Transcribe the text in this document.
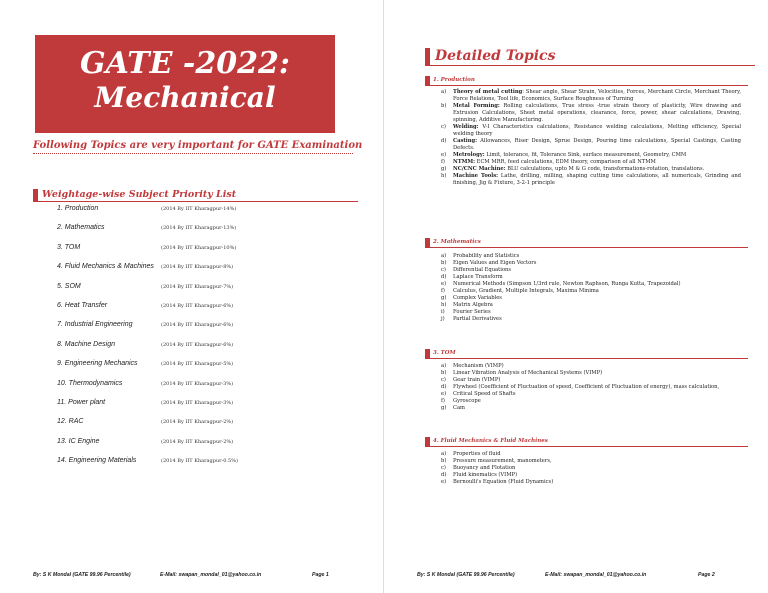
GATE -2022:
Mechanical
Following Topics are very important for GATE Examination
Weightage-wise Subject Priority List
1. Production	(2014 By IIT Kharagpur-14%)
2. Mathematics	(2014 By IIT Kharagpur-13%)
3. TOM	(2014 By IIT Kharagpur-10%)
4. Fluid Mechanics & Machines (2014 By IIT Kharagpur-8%)
5. SOM	(2014 By IIT Kharagpur-7%)
6. Heat Transfer	(2014 By IIT Kharagpur-6%)
7. Industrial Engineering	(2014 By IIT Kharagpur-6%)
8. Machine Design	(2014 By IIT Kharagpur-6%)
9. Engineering Mechanics	(2014 By IIT Kharagpur-5%)
10. Thermodynamics	(2014 By IIT Kharagpur-3%)
11. Power plant	(2014 By IIT Kharagpur-3%)
12. RAC	(2014 By IIT Kharagpur-2%)
13. IC Engine	(2014 By IIT Kharagpur-2%)
14. Engineering Materials	(2014 By IIT Kharagpur-0.5%)
By: S K Mondal (GATE 99.96 Percentile)	E-Mail: swapan_mondal_01@yahoo.co.in	Page 1
Detailed Topics
1. Production
a) Theory of metal cutting: Shear angle, Shear Strain, Velocities, Forces, Merchant Circle, Merchant Theory, Force Relations, Tool life, Economics, Surface Roughness of Turning
b) Metal Forming: Rolling calculations, True stress -true strain theory of plasticity, Wire drawing and Extrusion Calculations, Sheet metal operations, clearance, force, power, shear calculations, Drawing, spinning, Additive Manufacturing.
c) Welding: V-I Characteristics calculations, Resistance welding calculations, Melting efficiency, Special welding theory
d) Casting: Allowances, Riser Design, Sprue Design, Pouring time calculations, Special Castings, Casting Defects.
e) Metrology: Limit, tolerance, fit, Tolerance Sink, surface measurement, Geometry, CMM
f) NTMM: ECM MRR, feed calculations, EDM theory, comparison of all NTMM
g) NC/CNC Machine: BLU calculations, upto M & G code, transformations-rotation, translations.
h) Machine Tools: Lathe, drilling, milling, shaping cutting time calculations, all numericals, Grinding and finishing, Jig & Fixture, 3-2-1 principle
2. Mathematics
a) Probability and Statistics
b) Eigen Values and Eigen Vectors
c) Differential Equations
d) Laplace Transform
e) Numerical Methods (Simpson 1/3rd rule, Newton Raphson, Runga Kutta, Trapezoidal)
f) Calculus, Gradient, Multiple Integrals, Maxima Minima
g) Complex Variables
h) Matrix Algebra
i) Fourier Series
j) Partial Derivatives
3. TOM
a) Mechanism (VIMP)
b) Linear Vibration Analysis of Mechanical Systems (VIMP)
c) Gear train (VIMP)
d) Flywheel (Coefficient of Fluctuation of speed, Coefficient of Fluctuation of energy), mass calculation,
e) Critical Speed of Shafts
f) Gyroscope
g) Cam
4. Fluid Mechanics & Fluid Machines
a) Properties of fluid
b) Pressure measurement, manometers,
c) Buoyancy and Flotation
d) Fluid kinematics (VIMP)
e) Bernoulli's Equation (Fluid Dynamics)
By: S K Mondal (GATE 99.96 Percentile)	E-Mail: swapan_mondal_01@yahoo.co.in	Page 2
